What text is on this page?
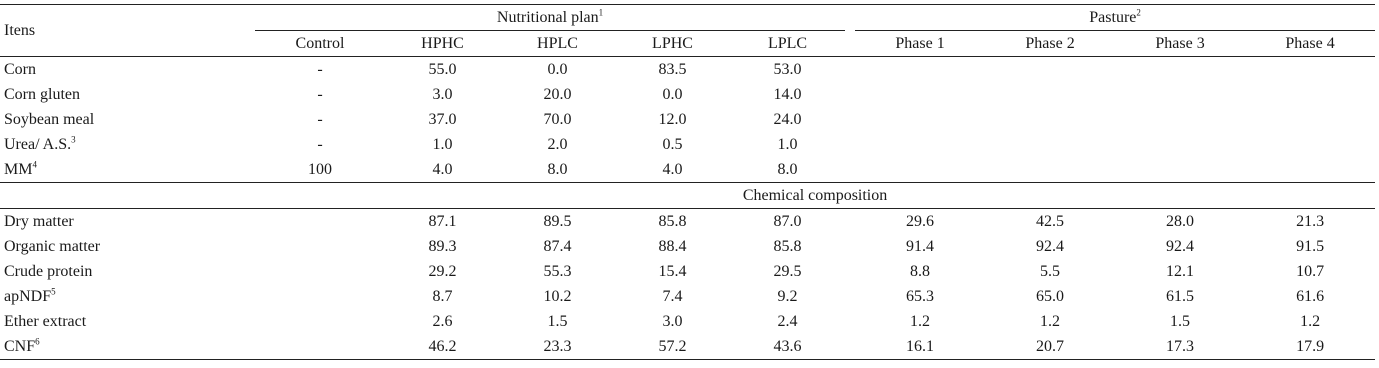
Itens	Nutritional plan$^1$						Pasture$^2$
	Control	HPHC	HPLC	LPHC	LPLC		Phase 1	Phase 2	Phase 3	Phase 4
Corn	-	55.0	0.0	83.5	53.0					
Corn gluten	-	3.0	20.0	0.0	14.0					
Soybean meal	-	37.0	70.0	12.0	24.0					
Urea/ A.S.$^3$	-	1.0	2.0	0.5	1.0					
$MM^4$	100	4.0	8.0	4.0	8.0					
	Chemical composition									
Dry matter		87.1	89.5	85.8	87.0		29.6	42.5	28.0	21.3
Organic matter		89.3	87.4	88.4	85.8		91.4	92.4	92.4	91.5
Crude protein		29.2	55.3	15.4	29.5		8.8	5.5	12.1	10.7
apNDF$^5$		8.7	10.2	7.4	9.2		65.3	65.0	61.5	61.6
Ether extract		2.6	1.5	3.0	2.4		1.2	1.2	1.5	1.2
CNF$^6$		46.2	23.3	57.2	43.6		16.1	20.7	17.3	17.9
